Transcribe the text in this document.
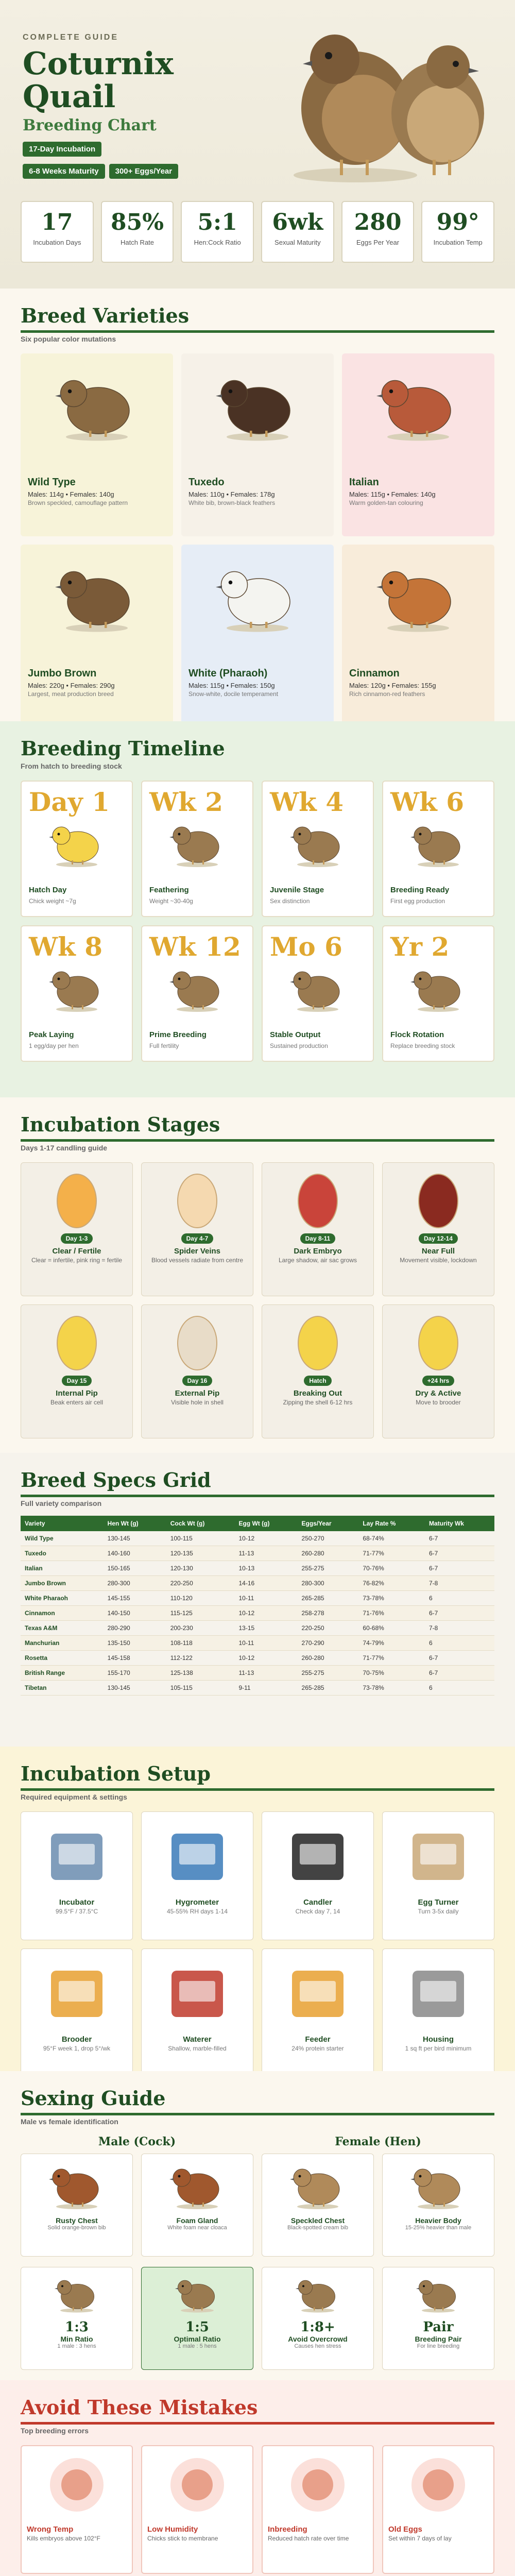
COMPLETE GUIDE
Coturnix
Quail
Breeding Chart
17-Day Incubation
6-8 Weeks Maturity 300+ Eggs/Year
17
Incubation Days
85%
Hatch Rate
5:1
Hen:Cock Ratio
6wk
Sexual Maturity
280
Eggs Per Year
99°
Incubation Temp
Breed Varieties
Six popular color mutations
Wild Type
Males: 114g • Females: 140g
Brown speckled, camouflage pattern
Tuxedo
Males: 110g • Females: 178g
White bib, brown-black feathers
Italian
Males: 115g • Females: 140g
Warm golden-tan colouring
Jumbo Brown
Males: 220g • Females: 290g
Largest, meat production breed
White (Pharaoh)
Males: 115g • Females: 150g
Snow-white, docile temperament
Cinnamon
Males: 120g • Females: 155g
Rich cinnamon-red feathers
Breeding Timeline
From hatch to breeding stock
Day 1
Hatch Day
Chick weight ~7g
Wk 2
Feathering
Weight ~30-40g
Wk 4
Juvenile Stage
Sex distinction
Wk 6
Breeding Ready
First egg production
Wk 8
Peak Laying
1 egg/day per hen
Wk 12
Prime Breeding
Full fertility
Mo 6
Stable Output
Sustained production
Yr 2
Flock Rotation
Replace breeding stock
Incubation Stages
Days 1-17 candling guide
Day 1-3
Clear / Fertile
Clear = infertile, pink ring = fertile
Day 4-7
Spider Veins
Blood vessels radiate from centre
Day 8-11
Dark Embryo
Large shadow, air sac grows
Day 12-14
Near Full
Movement visible, lockdown
Day 15
Internal Pip
Beak enters air cell
Day 16
External Pip
Visible hole in shell
Hatch
Breaking Out
Zipping the shell 6-12 hrs
+24 hrs
Dry & Active
Move to brooder
Breed Specs Grid
Full variety comparison
Variety	Hen Wt (g)	Cock Wt (g)	Egg Wt (g)	Eggs/Year	Lay Rate %	Maturity Wk
Wild Type	130-145	100-115	10-12	250-270	68-74%	6-7
Tuxedo	140-160	120-135	11-13	260-280	71-77%	6-7
Italian	150-165	120-130	10-13	255-275	70-76%	6-7
Jumbo Brown	280-300	220-250	14-16	280-300	76-82%	7-8
White Pharaoh	145-155	110-120	10-11	265-285	73-78%	6
Cinnamon	140-150	115-125	10-12	258-278	71-76%	6-7
Texas A&M	280-290	200-230	13-15	220-250	60-68%	7-8
Manchurian	135-150	108-118	10-11	270-290	74-79%	6
Rosetta	145-158	112-122	10-12	260-280	71-77%	6-7
British Range	155-170	125-138	11-13	255-275	70-75%	6-7
Tibetan	130-145	105-115	9-11	265-285	73-78%	6
Incubation Setup
Required equipment & settings
Incubator
99.5°F / 37.5°C
Hygrometer
45-55% RH days 1-14
Candler
Check day 7, 14
Egg Turner
Turn 3-5x daily
Brooder
95°F week 1, drop 5°/wk
Waterer
Shallow, marble-filled
Feeder
24% protein starter
Housing
1 sq ft per bird minimum
Sexing Guide
Male vs female identification
Male (Cock)	Female (Hen)
Rusty Chest
Solid orange-brown bib
Foam Gland
White foam near cloaca
Speckled Chest
Black-spotted cream bib
Heavier Body
15-25% heavier than male
1:3
Min Ratio
1 male : 3 hens
1:5
Optimal Ratio
1 male : 5 hens
1:8+
Avoid Overcrowd
Causes hen stress
Pair
Breeding Pair
For line breeding
Avoid These Mistakes
Top breeding errors
Wrong Temp
Kills embryos above 102°F
Low Humidity
Chicks stick to membrane
Inbreeding
Reduced hatch rate over time
Old Eggs
Set within 7 days of lay
